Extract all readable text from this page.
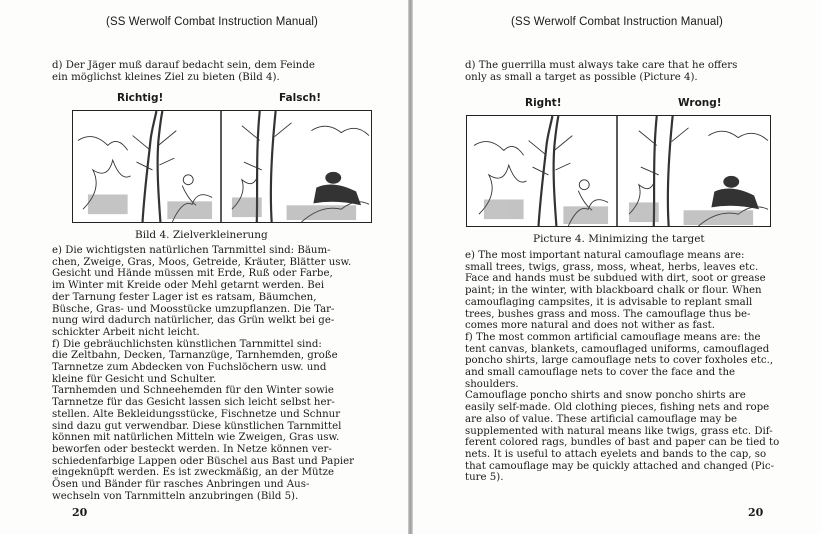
(SS Werwolf Combat Instruction Manual)
d) Der Jäger muß darauf bedacht sein, dem Feinde
ein möglichst kleines Ziel zu bieten (Bild 4).
Richtig!	Falsch!
Bild 4. Zielverkleinerung
e) Die wichtigsten natürlichen Tarnmittel sind: Bäum-
chen, Zweige, Gras, Moos, Getreide, Kräuter, Blätter usw.
Gesicht und Hände müssen mit Erde, Ruß oder Farbe,
im Winter mit Kreide oder Mehl getarnt werden. Bei
der Tarnung fester Lager ist es ratsam, Bäumchen,
Büsche, Gras- und Moosstücke umzupflanzen. Die Tar-
nung wird dadurch natürlicher, das Grün welkt bei ge-
schickter Arbeit nicht leicht.
f) Die gebräuchlichsten künstlichen Tarnmittel sind:
die Zeltbahn, Decken, Tarnanzüge, Tarnhemden, große
Tarnnetze zum Abdecken von Fuchslöchern usw. und
kleine für Gesicht und Schulter.
Tarnhemden und Schneehemden für den Winter sowie
Tarnnetze für das Gesicht lassen sich leicht selbst her-
stellen. Alte Bekleidungsstücke, Fischnetze und Schnur
sind dazu gut verwendbar. Diese künstlichen Tarnmittel
können mit natürlichen Mitteln wie Zweigen, Gras usw.
beworfen oder besteckt werden. In Netze können ver-
schiedenfarbige Lappen oder Büschel aus Bast und Papier
eingeknüpft werden. Es ist zweckmäßig, an der Mütze
Ösen und Bänder für rasches Anbringen und Aus-
wechseln von Tarnmitteln anzubringen (Bild 5).
20
(SS Werwolf Combat Instruction Manual)
d) The guerrilla must always take care that he offers
only as small a target as possible (Picture 4).
Right!	Wrong!
Picture 4. Minimizing the target
e) The most important natural camouflage means are:
small trees, twigs, grass, moss, wheat, herbs, leaves etc.
Face and hands must be subdued with dirt, soot or grease
paint; in the winter, with blackboard chalk or flour. When
camouflaging campsites, it is advisable to replant small
trees, bushes grass and moss. The camouflage thus be-
comes more natural and does not wither as fast.
f) The most common artificial camouflage means are: the
tent canvas, blankets, camouflaged uniforms, camouflaged
poncho shirts, large camouflage nets to cover foxholes etc.,
and small camouflage nets to cover the face and the
shoulders.
Camouflage poncho shirts and snow poncho shirts are
easily self-made. Old clothing pieces, fishing nets and rope
are also of value. These artificial camouflage may be
supplemented with natural means like twigs, grass etc. Dif-
ferent colored rags, bundles of bast and paper can be tied to
nets. It is useful to attach eyelets and bands to the cap, so
that camouflage may be quickly attached and changed (Pic-
ture 5).
20
